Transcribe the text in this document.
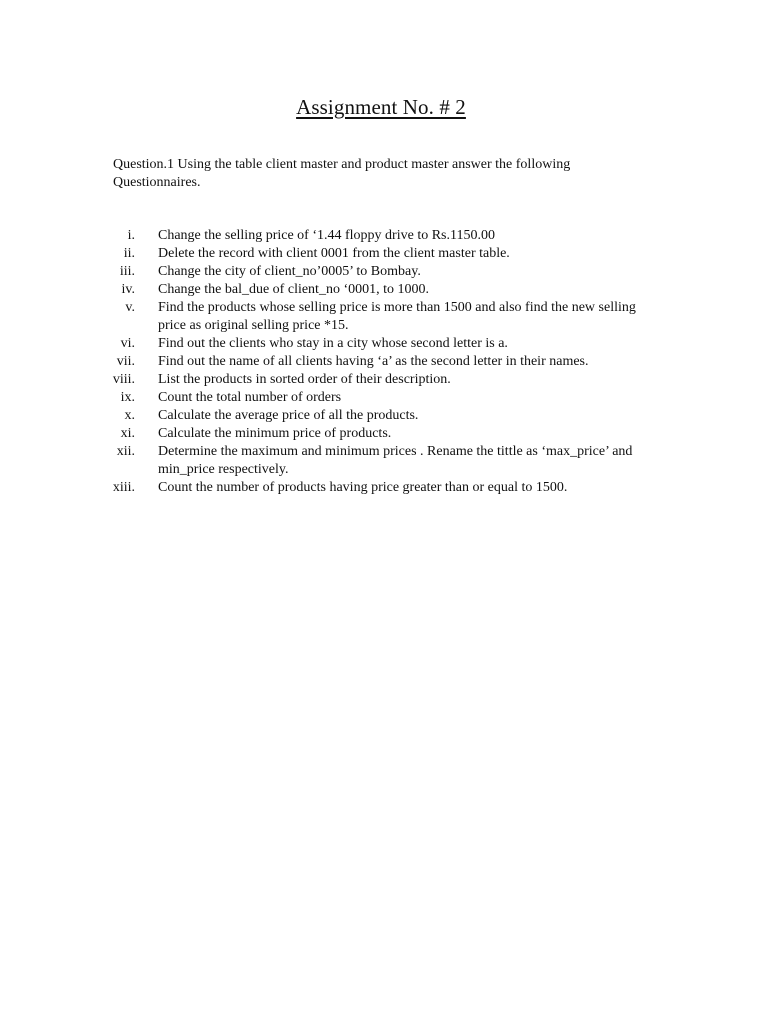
Assignment No. # 2
Question.1 Using the table client master and product master answer the following Questionnaires.
i.	Change the selling price of ‘1.44 floppy drive to Rs.1150.00
ii.	Delete the record with client 0001 from the client master table.
iii.	Change the city of client_no’0005’ to Bombay.
iv.	Change the bal_due of client_no ‘0001, to 1000.
v.	Find the products whose selling price is more than 1500 and also find the new selling price as original selling price *15.
vi.	Find out the clients who stay in a city whose second letter is a.
vii.	Find out the name of all clients having ‘a’ as the second letter in their names.
viii.	List the products in sorted order of their description.
ix.	Count the total number of orders
x.	Calculate the average price of all the products.
xi.	Calculate the minimum price of products.
xii.	Determine the maximum and minimum prices . Rename the tittle as ‘max_price’ and min_price respectively.
xiii.	Count the number of products having price greater than or equal to 1500.
